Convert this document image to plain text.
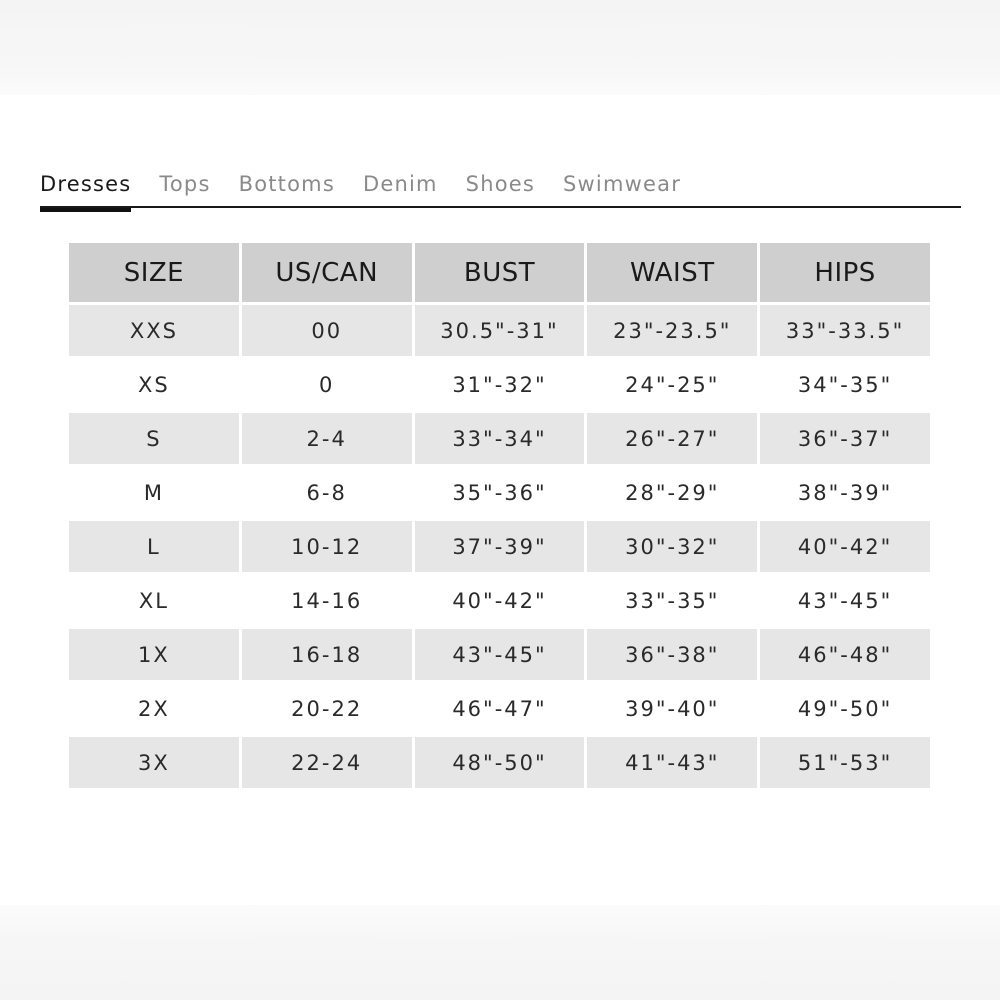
Dresses Tops Bottoms Denim Shoes Swimwear
SIZE	US/CAN	BUST	WAIST	HIPS
XXS	00	30.5"-31"	23"-23.5"	33"-33.5"
XS	0	31"-32"	24"-25"	34"-35"
S	2-4	33"-34"	26"-27"	36"-37"
M	6-8	35"-36"	28"-29"	38"-39"
L	10-12	37"-39"	30"-32"	40"-42"
XL	14-16	40"-42"	33"-35"	43"-45"
1X	16-18	43"-45"	36"-38"	46"-48"
2X	20-22	46"-47"	39"-40"	49"-50"
3X	22-24	48"-50"	41"-43"	51"-53"
